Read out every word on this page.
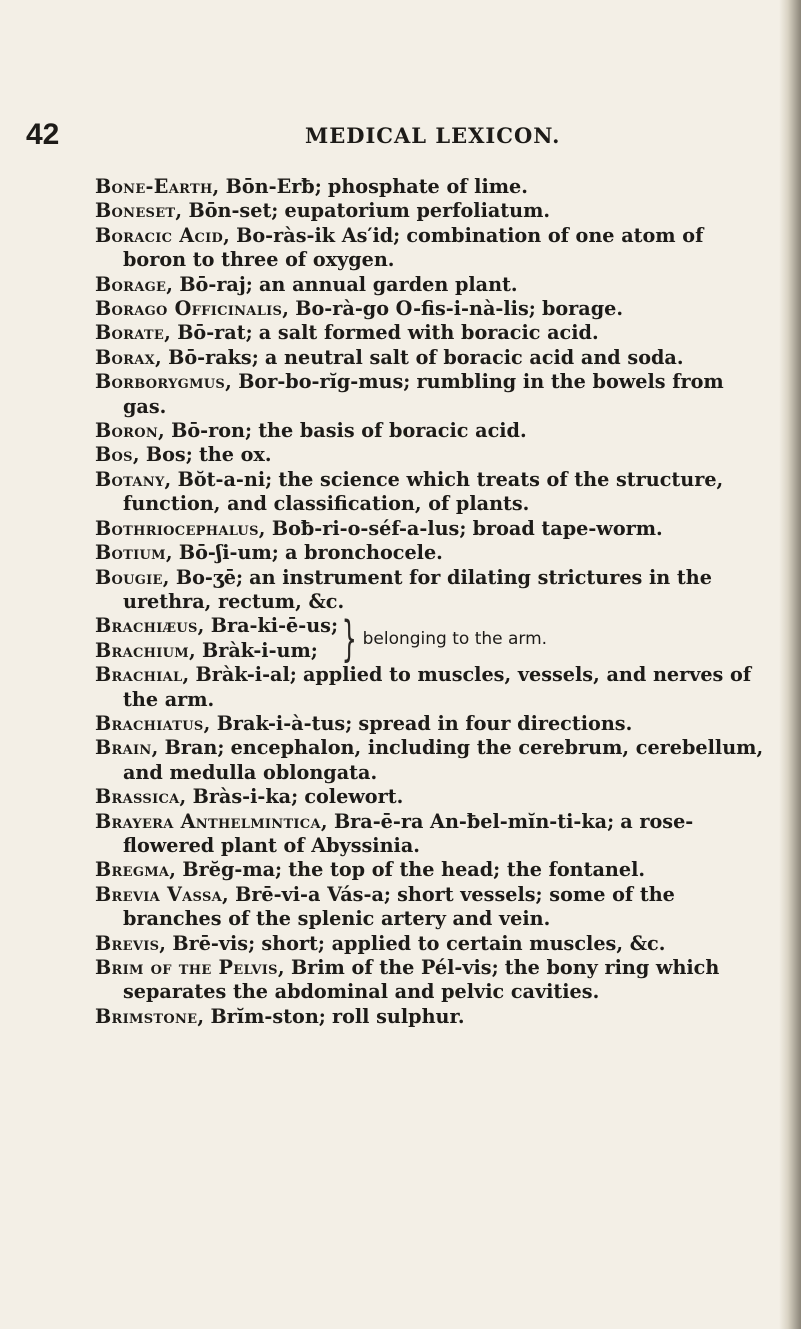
42	MEDICAL LEXICON.

Bone-Earth, Bōn-Erƀ; phosphate of lime.

Boneset, Bōn-set; eupatorium perfoliatum.

Boracic Acid, Bo-ràs-ik As′id; combination of one atom of boron to three of oxygen.

Borage, Bō-raj; an annual garden plant.

Borago Officinalis, Bo-rà-go O-fis-i-nà-lis; borage.

Borate, Bō-rat; a salt formed with boracic acid.

Borax, Bō-raks; a neutral salt of boracic acid and soda.

Borborygmus, Bor-bo-rĭg-mus; rumbling in the bowels from gas.

Boron, Bō-ron; the basis of boracic acid.

Bos, Bos; the ox.

Botany, Bŏt-a-ni; the science which treats of the structure, function, and classification, of plants.

Bothriocephalus, Boƀ-ri-o-séf-a-lus; broad tape-worm.

Botium, Bō-ʃi-um; a bronchocele.

Bougie, Bo-ʒē; an instrument for dilating strictures in the urethra, rectum, &c.

Brachiæus, Bra-ki-ē-us;

Brachium, Bràk-i-um; } belonging to the arm.

Brachial, Bràk-i-al; applied to muscles, vessels, and nerves of the arm.

Brachiatus, Brak-i-à-tus; spread in four directions.

Brain, Bran; encephalon, including the cerebrum, cerebellum, and medulla oblongata.

Brassica, Bràs-i-ka; colewort.

Brayera Anthelmintica, Bra-ē-ra An-ƀel-mĭn-ti-ka; a rose-flowered plant of Abyssinia.

Bregma, Brĕg-ma; the top of the head; the fontanel.

Brevia Vassa, Brē-vi-a Vás-a; short vessels; some of the branches of the splenic artery and vein.

Brevis, Brē-vis; short; applied to certain muscles, &c.

Brim of the Pelvis, Brim of the Pél-vis; the bony ring which separates the abdominal and pelvic cavities.

Brimstone, Brĭm-ston; roll sulphur.
